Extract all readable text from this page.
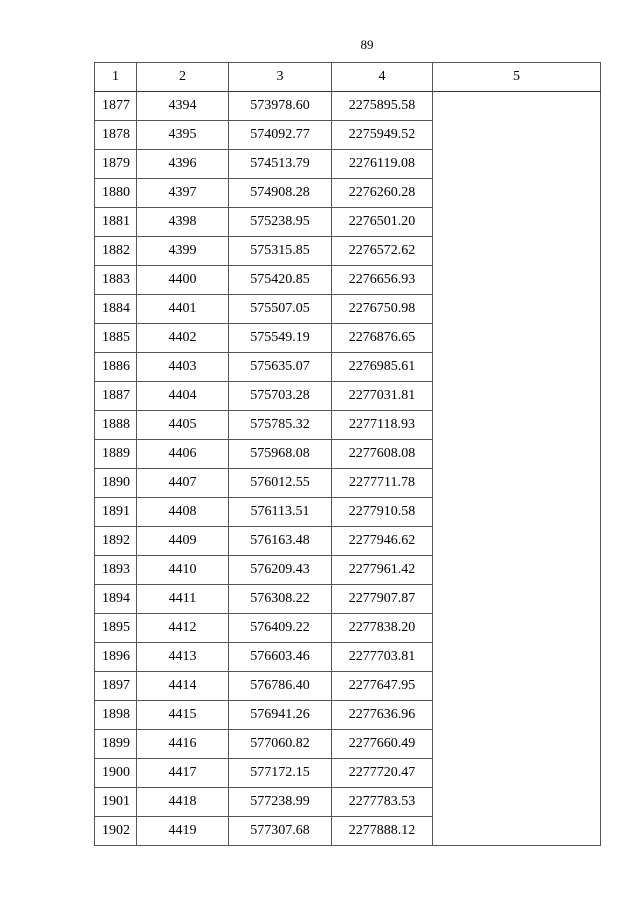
89
1	2	3	4	5
1877	4394	573978.60	2275895.58	
1878	4395	574092.77	2275949.52	
1879	4396	574513.79	2276119.08	
1880	4397	574908.28	2276260.28	
1881	4398	575238.95	2276501.20	
1882	4399	575315.85	2276572.62	
1883	4400	575420.85	2276656.93	
1884	4401	575507.05	2276750.98	
1885	4402	575549.19	2276876.65	
1886	4403	575635.07	2276985.61	
1887	4404	575703.28	2277031.81	
1888	4405	575785.32	2277118.93	
1889	4406	575968.08	2277608.08	
1890	4407	576012.55	2277711.78	
1891	4408	576113.51	2277910.58	
1892	4409	576163.48	2277946.62	
1893	4410	576209.43	2277961.42	
1894	4411	576308.22	2277907.87	
1895	4412	576409.22	2277838.20	
1896	4413	576603.46	2277703.81	
1897	4414	576786.40	2277647.95	
1898	4415	576941.26	2277636.96	
1899	4416	577060.82	2277660.49	
1900	4417	577172.15	2277720.47	
1901	4418	577238.99	2277783.53	
1902	4419	577307.68	2277888.12	
